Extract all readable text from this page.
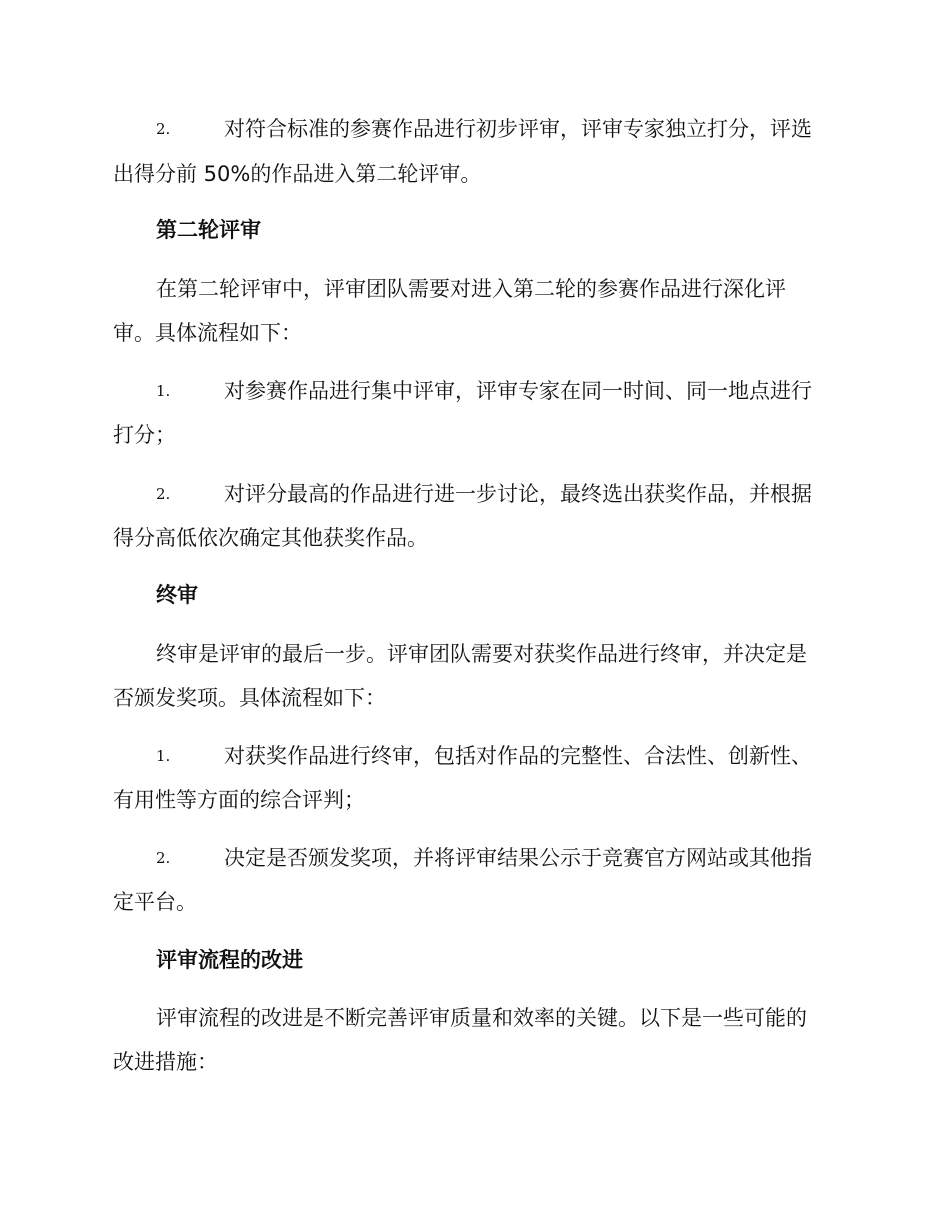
2.	对符合标准的参赛作品进行初步评审，评审专家独立打分，评选
出得分前 50%的作品进入第二轮评审。
第二轮评审
在第二轮评审中，评审团队需要对进入第二轮的参赛作品进行深化评
审。具体流程如下：
1.	对参赛作品进行集中评审，评审专家在同一时间、同一地点进行
打分；
2.	对评分最高的作品进行进一步讨论，最终选出获奖作品，并根据
得分高低依次确定其他获奖作品。
终审
终审是评审的最后一步。评审团队需要对获奖作品进行终审，并决定是
否颁发奖项。具体流程如下：
1.	对获奖作品进行终审，包括对作品的完整性、合法性、创新性、
有用性等方面的综合评判；
2.	决定是否颁发奖项，并将评审结果公示于竞赛官方网站或其他指
定平台。
评审流程的改进
评审流程的改进是不断完善评审质量和效率的关键。以下是一些可能的
改进措施：
